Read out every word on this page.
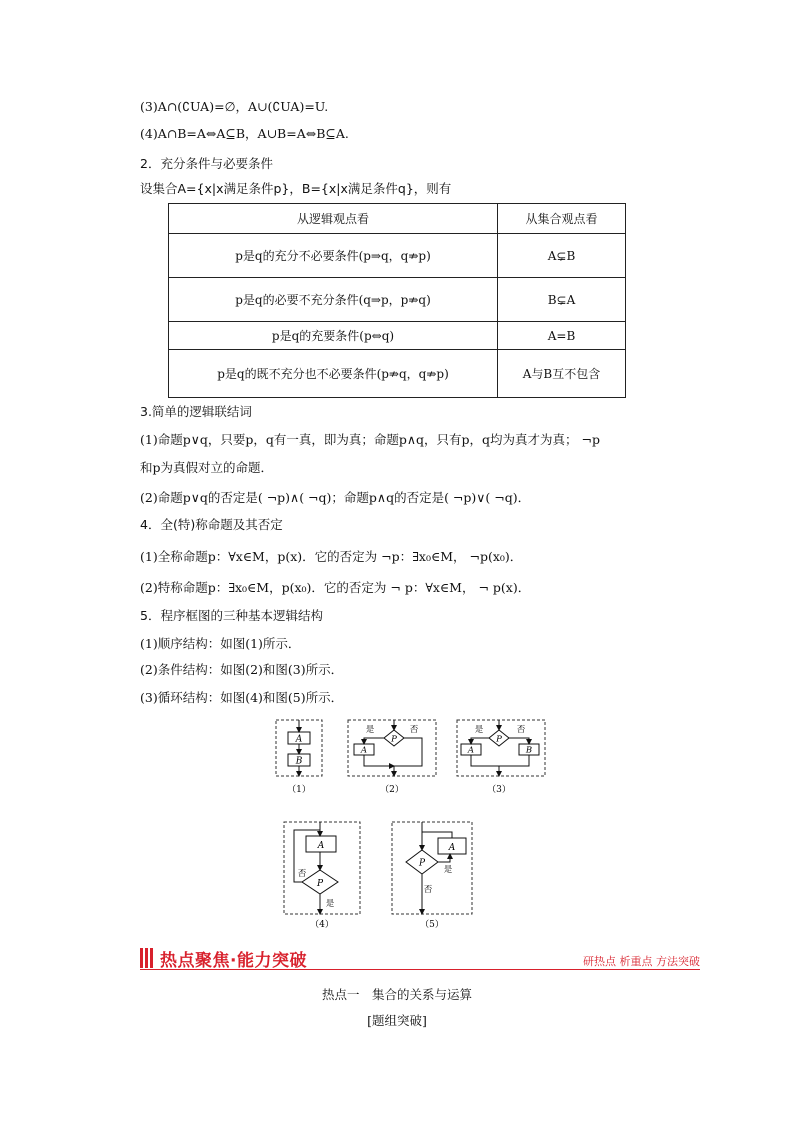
(3)A∩(∁UA)=∅，A∪(∁UA)=U.
(4)A∩B=A⇔A⊆B，A∪B=A⇔B⊆A.
2．充分条件与必要条件
设集合A={x|x满足条件p}，B={x|x满足条件q}，则有
从逻辑观点看	从集合观点看
p是q的充分不必要条件(p⇒q，q⇏p)	A⊊B
p是q的必要不充分条件(q⇒p，p⇏q)	B⊊A
p是q的充要条件(p⇔q)	A=B
p是q的既不充分也不必要条件(p⇏q，q⇏p)	A与B互不包含
3.简单的逻辑联结词
(1)命题p∨q，只要p，q有一真，即为真；命题p∧q，只有p，q均为真才为真； ¬p
和p为真假对立的命题．
(2)命题p∨q的否定是( ¬p)∧( ¬q)；命题p∧q的否定是( ¬p)∨( ¬q)．
4．全(特)称命题及其否定
(1)全称命题p：∀x∈M，p(x)．它的否定为 ¬p：∃x₀∈M， ¬p(x₀)．
(2)特称命题p：∃x₀∈M，p(x₀)．它的否定为 ¬ p：∀x∈M， ¬ p(x)．
5．程序框图的三种基本逻辑结构
(1)顺序结构：如图(1)所示．
(2)条件结构：如图(2)和图(3)所示．
(3)循环结构：如图(4)和图(5)所示．
A
B
（1）
P
是	否
A
（2）
P
是	否
A	B
（3）
A
P
否
是
（4）
P
是
A
否
（5）
热点聚焦·能力突破	研热点 析重点 方法突破
热点一　集合的关系与运算
[题组突破]
